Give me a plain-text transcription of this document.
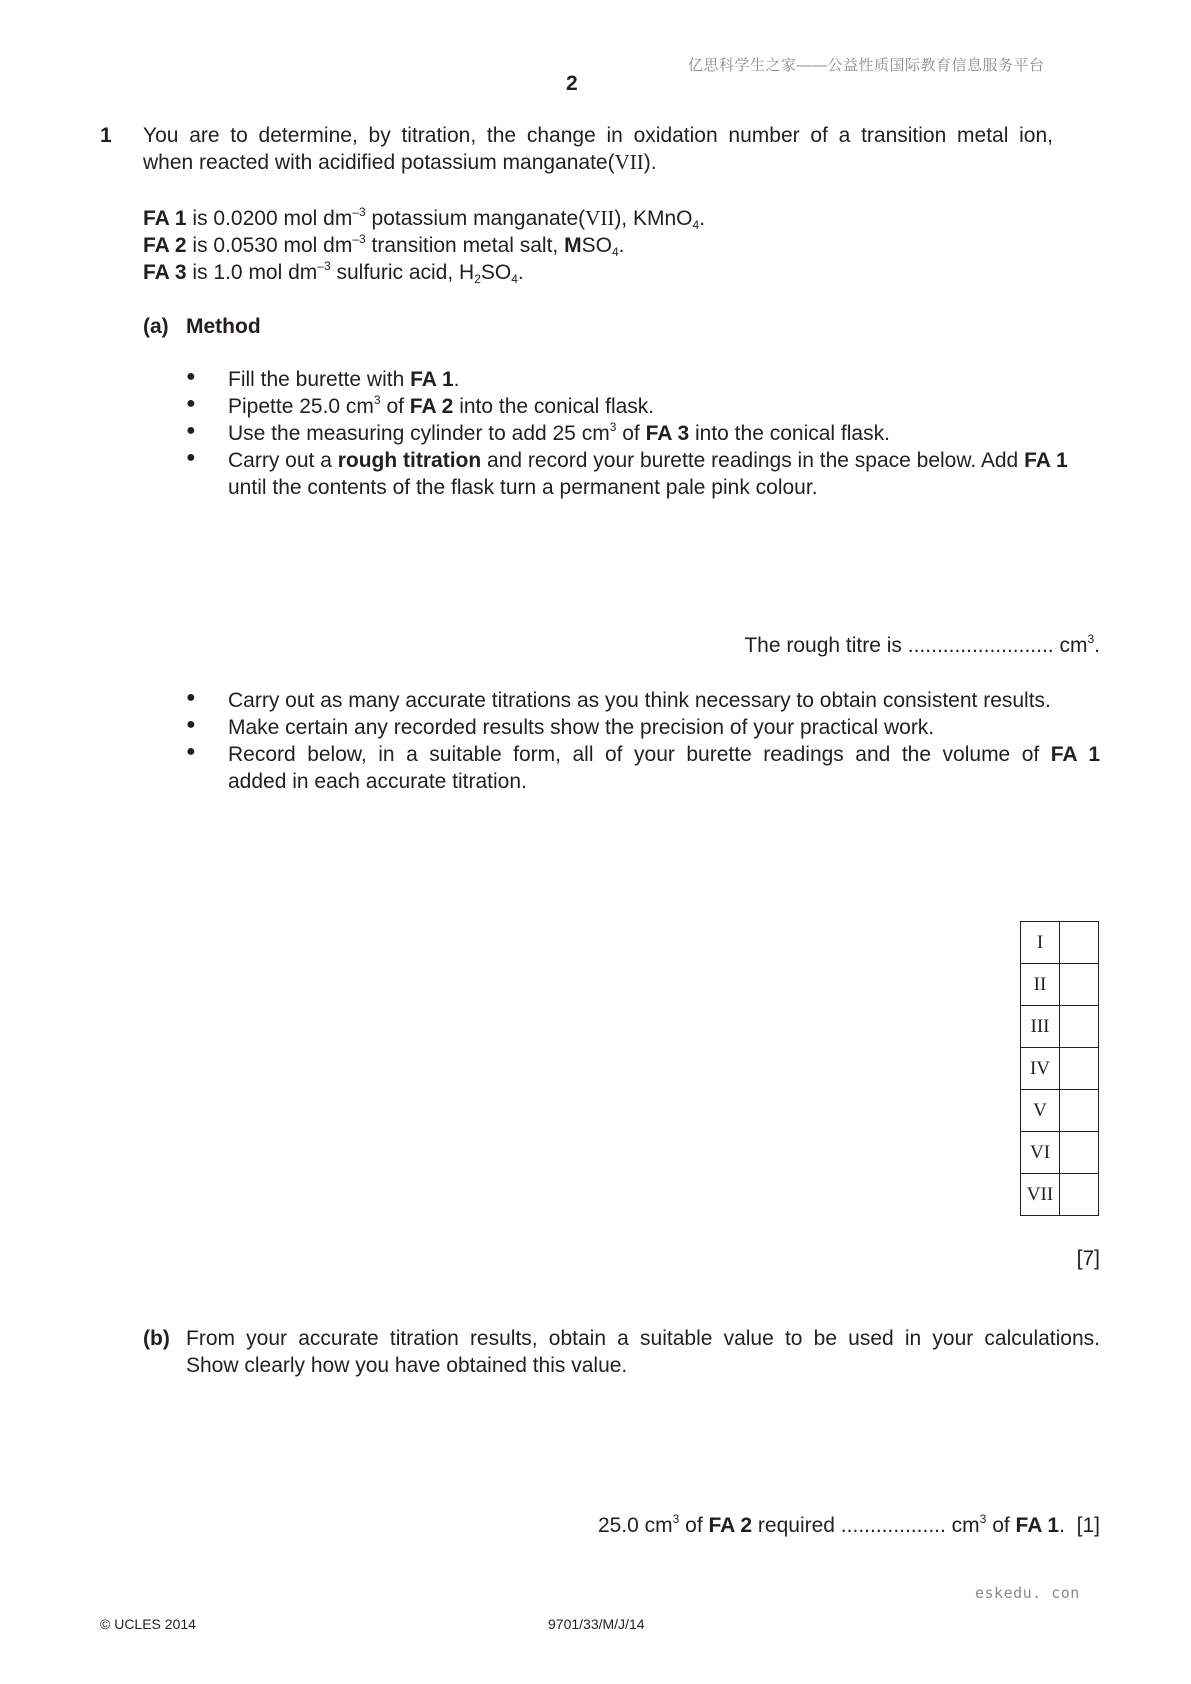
亿思科学生之家——公益性质国际教育信息服务平台
2
1 You are to determine, by titration, the change in oxidation number of a transition metal ion,
when reacted with acidified potassium manganate(VII).
FA 1 is 0.0200 mol $dm^{-3}$ potassium manganate(VII), KMnO$_4$.
FA 2 is 0.0530 mol $dm^{-3}$ transition metal salt, $MSO_4$.
FA 3 is 1.0 mol $dm^{-3}$ sulfuric acid, $H_2SO_4$.
(a) Method
● Fill the burette with FA 1.
● Pipette 25.0 $cm^3$ of FA 2 into the conical flask.
● Use the measuring cylinder to add 25 $cm^3$ of FA 3 into the conical flask.
● Carry out a rough titration and record your burette readings in the space below. Add FA 1
until the contents of the flask turn a permanent pale pink colour.
The rough titre is ......................... $cm^3$.
● Carry out as many accurate titrations as you think necessary to obtain consistent results.
● Make certain any recorded results show the precision of your practical work.
● Record below, in a suitable form, all of your burette readings and the volume of FA 1
added in each accurate titration.
I	
II	
III	
IV	
V	
VI	
VII	
[7]
(b) From your accurate titration results, obtain a suitable value to be used in your calculations.
Show clearly how you have obtained this value.
25.0 $cm^3$ of FA 2 required .................. $cm^3$ of FA 1. [1]
eskedu. con
© UCLES 2014	9701/33/M/J/14
